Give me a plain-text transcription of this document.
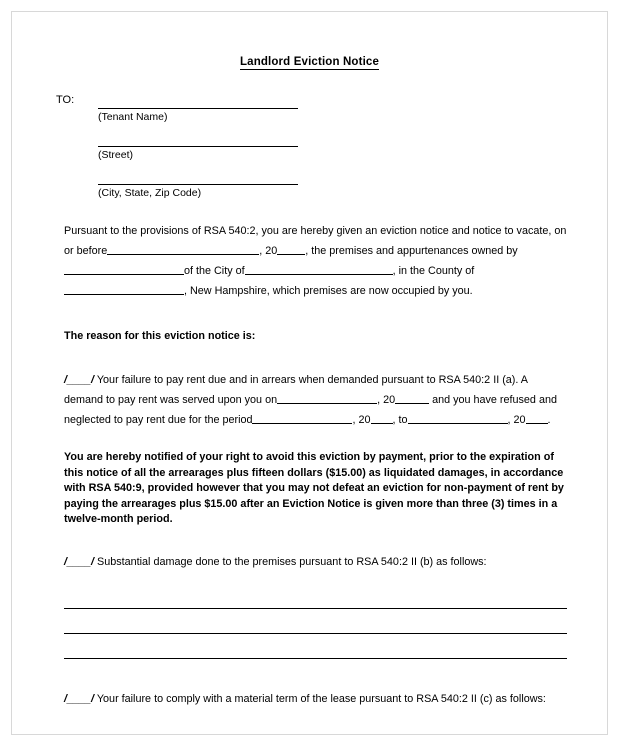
Landlord Eviction Notice
TO:
(Tenant Name)
(Street)
(City, State, Zip Code)
Pursuant to the provisions of RSA 540:2, you are hereby given an eviction notice and notice to vacate, on or before	, 20	, the premises and appurtenances owned by of the City of	, in the County of , New Hampshire, which premises are now occupied by you.
The reason for this eviction notice is:
/____/ Your failure to pay rent due and in arrears when demanded pursuant to RSA 540:2 II (a). A demand to pay rent was served upon you on	, 20	and you have refused and neglected to pay rent due for the period	, 20 , to	, 20 .
You are hereby notified of your right to avoid this eviction by payment, prior to the expiration of this notice of all the arrearages plus fifteen dollars ($15.00) as liquidated damages, in accordance with RSA 540:9, provided however that you may not defeat an eviction for non-payment of rent by paying the arrearages plus $15.00 after an Eviction Notice is given more than three (3) times in a twelve-month period.
/____/ Substantial damage done to the premises pursuant to RSA 540:2 II (b) as follows:
/____/ Your failure to comply with a material term of the lease pursuant to RSA 540:2 II (c) as follows:
